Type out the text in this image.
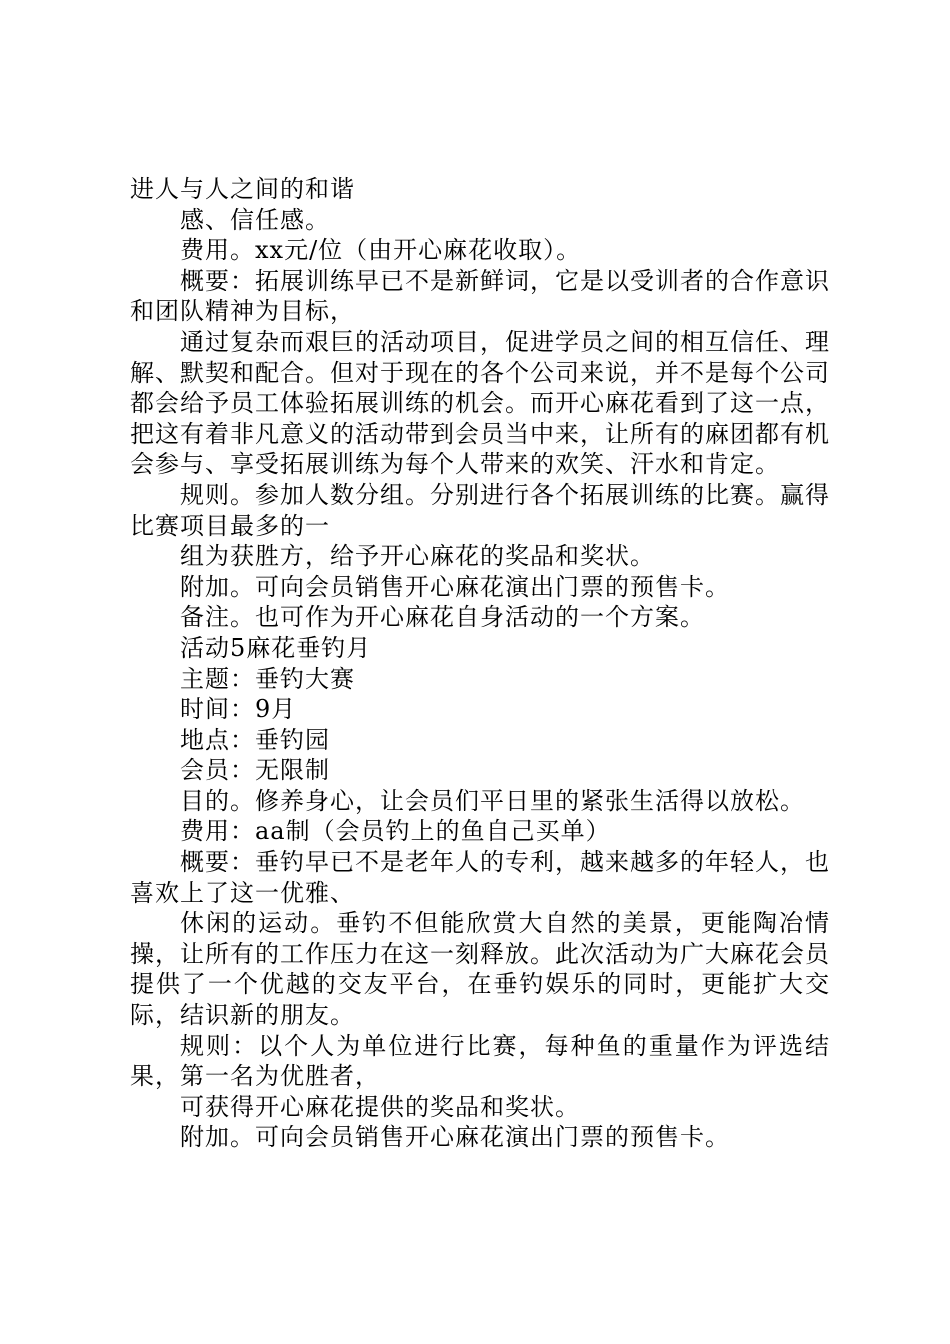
进人与人之间的和谐

感、信任感。

费用。xx元/位（由开心麻花收取）。

概要：拓展训练早已不是新鲜词，它是以受训者的合作意识和团队精神为目标，

通过复杂而艰巨的活动项目，促进学员之间的相互信任、理解、默契和配合。但对于现在的各个公司来说，并不是每个公司都会给予员工体验拓展训练的机会。而开心麻花看到了这一点，把这有着非凡意义的活动带到会员当中来，让所有的麻团都有机会参与、享受拓展训练为每个人带来的欢笑、汗水和肯定。

规则。参加人数分组。分别进行各个拓展训练的比赛。赢得比赛项目最多的一

组为获胜方，给予开心麻花的奖品和奖状。

附加。可向会员销售开心麻花演出门票的预售卡。

备注。也可作为开心麻花自身活动的一个方案。

活动5麻花垂钓月

主题：垂钓大赛

时间：9月

地点：垂钓园

会员：无限制

目的。修养身心，让会员们平日里的紧张生活得以放松。

费用：aa制（会员钓上的鱼自己买单）

概要：垂钓早已不是老年人的专利，越来越多的年轻人，也喜欢上了这一优雅、

休闲的运动。垂钓不但能欣赏大自然的美景，更能陶冶情操，让所有的工作压力在这一刻释放。此次活动为广大麻花会员提供了一个优越的交友平台，在垂钓娱乐的同时，更能扩大交际，结识新的朋友。

规则：以个人为单位进行比赛，每种鱼的重量作为评选结果，第一名为优胜者，

可获得开心麻花提供的奖品和奖状。

附加。可向会员销售开心麻花演出门票的预售卡。
